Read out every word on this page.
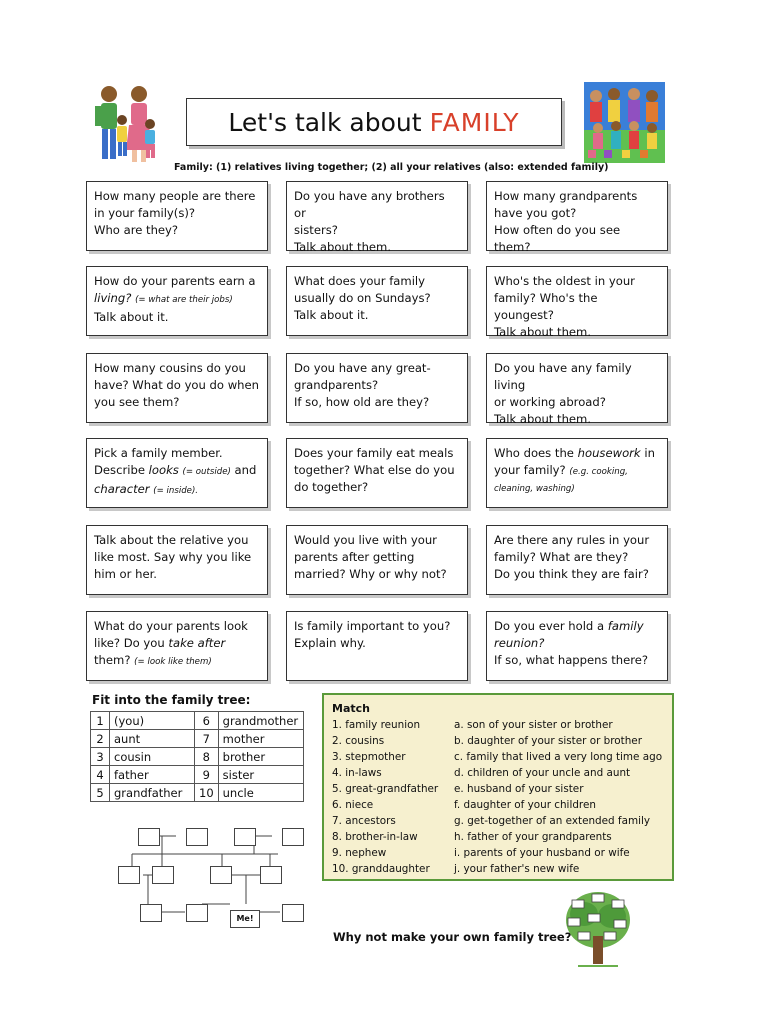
Let's talk about FAMILY
Family: (1) relatives living together; (2) all your relatives (also: extended family)
How many people are there
in your family(s)?
Who are they?
Do you have any brothers or
sisters?
Talk about them.
How many grandparents
have you got?
How often do you see them?
How do your parents earn a
living? (= what are their jobs)
Talk about it.
What does your family
usually do on Sundays?
Talk about it.
Who's the oldest in your
family? Who's the youngest?
Talk about them.
How many cousins do you
have? What do you do when
you see them?
Do you have any great-
grandparents?
If so, how old are they?
Do you have any family living
or working abroad?
Talk about them.
Pick a family member.
Describe looks (= outside) and
character (= inside).
Does your family eat meals
together? What else do you
do together?
Who does the housework in
your family? (e.g. cooking,
cleaning, washing)
Talk about the relative you
like most. Say why you like
him or her.
Would you live with your
parents after getting
married? Why or why not?
Are there any rules in your
family? What are they?
Do you think they are fair?
What do your parents look
like? Do you take after
them? (= look like them)
Is family important to you?
Explain why.
Do you ever hold a family
reunion?
If so, what happens there?
Fit into the family tree:
1	(you)	6	grandmother
2	aunt	7	mother
3	cousin	8	brother
4	father	9	sister
5	grandfather	10	uncle
Me!
Match
1. family reunion	a. son of your sister or brother
2. cousins	b. daughter of your sister or brother
3. stepmother	c. family that lived a very long time ago
4. in-laws	d. children of your uncle and aunt
5. great-grandfather	e. husband of your sister
6. niece	f. daughter of your children
7. ancestors	g. get-together of an extended family
8. brother-in-law	h. father of your grandparents
9. nephew	i. parents of your husband or wife
10. granddaughter	j. your father's new wife
Why not make your own family tree?
